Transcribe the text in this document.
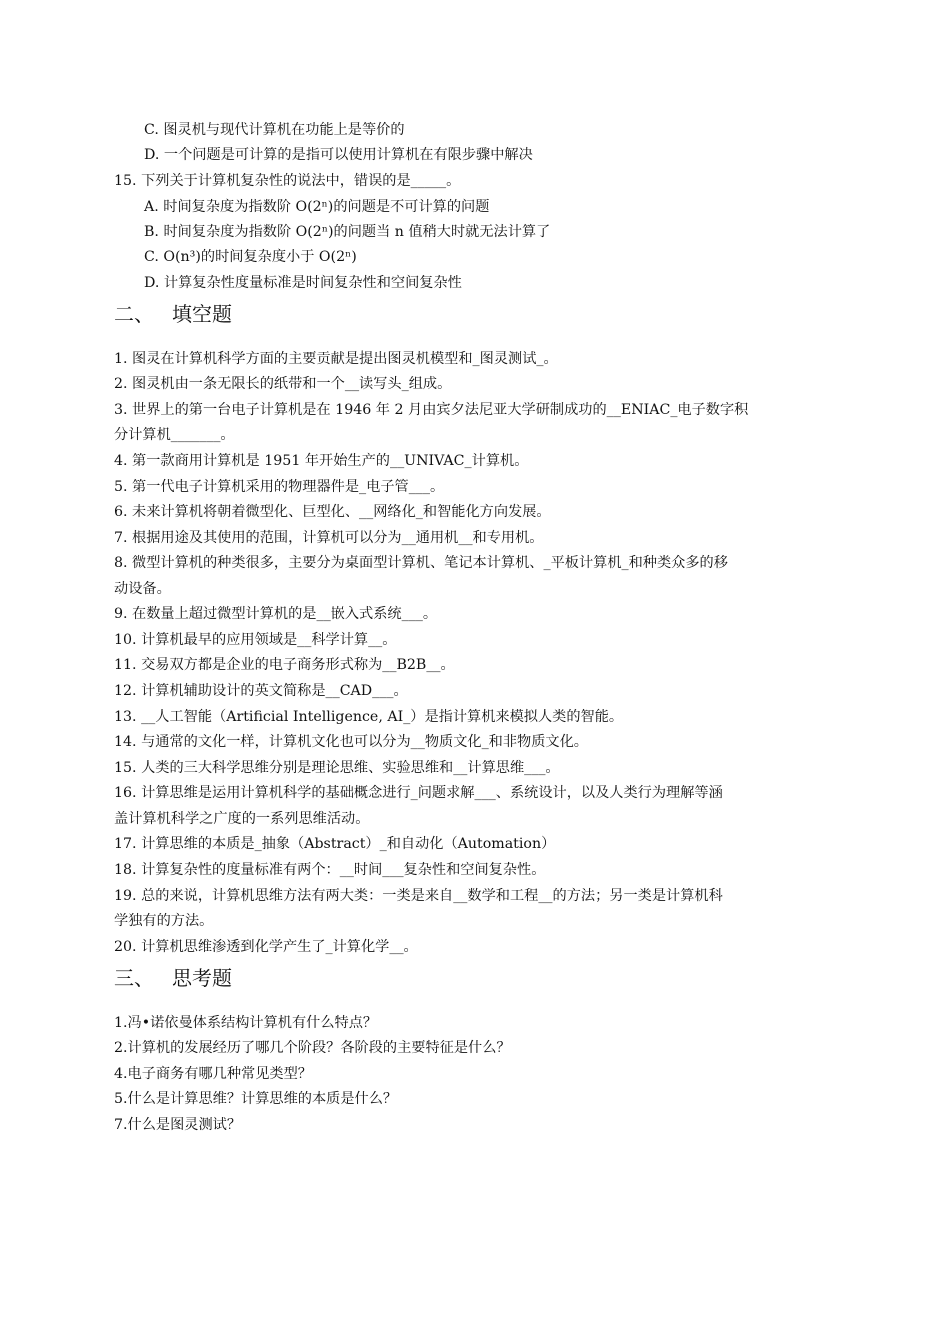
C. 图灵机与现代计算机在功能上是等价的
D. 一个问题是可计算的是指可以使用计算机在有限步骤中解决
15. 下列关于计算机复杂性的说法中，错误的是_____。
A. 时间复杂度为指数阶 O(2ⁿ)的问题是不可计算的问题
B. 时间复杂度为指数阶 O(2ⁿ)的问题当 n 值稍大时就无法计算了
C. O(n³)的时间复杂度小于 O(2ⁿ)
D. 计算复杂性度量标准是时间复杂性和空间复杂性
二、 填空题
1. 图灵在计算机科学方面的主要贡献是提出图灵机模型和_图灵测试_。
2. 图灵机由一条无限长的纸带和一个__读写头_组成。
3. 世界上的第一台电子计算机是在 1946 年 2 月由宾夕法尼亚大学研制成功的__ENIAC_电子数字积
分计算机_______。
4. 第一款商用计算机是 1951 年开始生产的__UNIVAC_计算机。
5. 第一代电子计算机采用的物理器件是_电子管___。
6. 未来计算机将朝着微型化、巨型化、__网络化_和智能化方向发展。
7. 根据用途及其使用的范围，计算机可以分为__通用机__和专用机。
8. 微型计算机的种类很多，主要分为桌面型计算机、笔记本计算机、_平板计算机_和种类众多的移
动设备。
9. 在数量上超过微型计算机的是__嵌入式系统___。
10. 计算机最早的应用领域是__科学计算__。
11. 交易双方都是企业的电子商务形式称为__B2B__。
12. 计算机辅助设计的英文简称是__CAD___。
13. __人工智能（Artificial Intelligence, AI_）是指计算机来模拟人类的智能。
14. 与通常的文化一样，计算机文化也可以分为__物质文化_和非物质文化。
15. 人类的三大科学思维分别是理论思维、实验思维和__计算思维___。
16. 计算思维是运用计算机科学的基础概念进行_问题求解___、系统设计，以及人类行为理解等涵
盖计算机科学之广度的一系列思维活动。
17. 计算思维的本质是_抽象（Abstract）_和自动化（Automation）
18. 计算复杂性的度量标准有两个：__时间___复杂性和空间复杂性。
19. 总的来说，计算机思维方法有两大类：一类是来自__数学和工程__的方法；另一类是计算机科
学独有的方法。
20. 计算机思维渗透到化学产生了_计算化学__。
三、 思考题
1.冯•诺依曼体系结构计算机有什么特点？
2.计算机的发展经历了哪几个阶段？各阶段的主要特征是什么？
4.电子商务有哪几种常见类型？
5.什么是计算思维？计算思维的本质是什么？
7.什么是图灵测试？
